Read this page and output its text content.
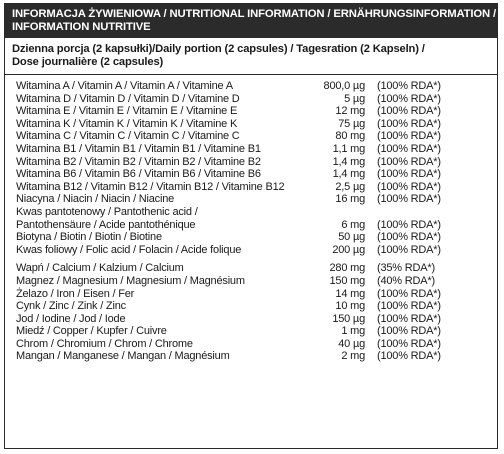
INFORMACJA ŻYWIENIOWA / NUTRITIONAL INFORMATION / ERNÄHRUNGSINFORMATION /
INFORMATION NUTRITIVE
Dzienna porcja (2 kapsułki)/Daily portion (2 capsules) / Tagesration (2 Kapseln) /
Dose journalière (2 capsules)
Witamina A / Vitamin A / Vitamin A / Vitamine A	800,0 µg (100% RDA*)
Witamina D / Vitamin D / Vitamin D / Vitamine D	5 µg (100% RDA*)
Witamina E / Vitamin E / Vitamin E / Vitamine E	12 mg (100% RDA*)
Witamina K / Vitamin K / Vitamin K / Vitamine K	75 µg (100% RDA*)
Witamina C / Vitamin C / Vitamin C / Vitamine C	80 mg (100% RDA*)
Witamina B1 / Vitamin B1 / Vitamin B1 / Vitamine B1	1,1 mg (100% RDA*)
Witamina B2 / Vitamin B2 / Vitamin B2 / Vitamine B2	1,4 mg (100% RDA*)
Witamina B6 / Vitamin B6 / Vitamin B6 / Vitamine B6	1,4 mg (100% RDA*)
Witamina B12 / Vitamin B12 / Vitamin B12 / Vitamine B12	2,5 µg (100% RDA*)
Niacyna / Niacin / Niacin / Niacine	16 mg (100% RDA*)
Kwas pantotenowy / Pantothenic acid /
Pantothensäure / Acide pantothénique	6 mg (100% RDA*)
Biotyna / Biotin / Biotin / Biotine	50 µg (100% RDA*)
Kwas foliowy / Folic acid / Folacin / Acide folique	200 µg (100% RDA*)
Wapń / Calcium / Kalzium / Calcium	280 mg (35% RDA*)
Magnez / Magnesium / Magnesium / Magnésium	150 mg (40% RDA*)
Żelazo / Iron / Eisen / Fer	14 mg (100% RDA*)
Cynk / Zinc / Zink / Zinc	10 mg (100% RDA*)
Jod / Iodine / Jod / Iode	150 µg (100% RDA*)
Miedź / Copper / Kupfer / Cuivre	1 mg (100% RDA*)
Chrom / Chromium / Chrom / Chrome	40 µg (100% RDA*)
Mangan / Manganese / Mangan / Magnésium	2 mg (100% RDA*)
